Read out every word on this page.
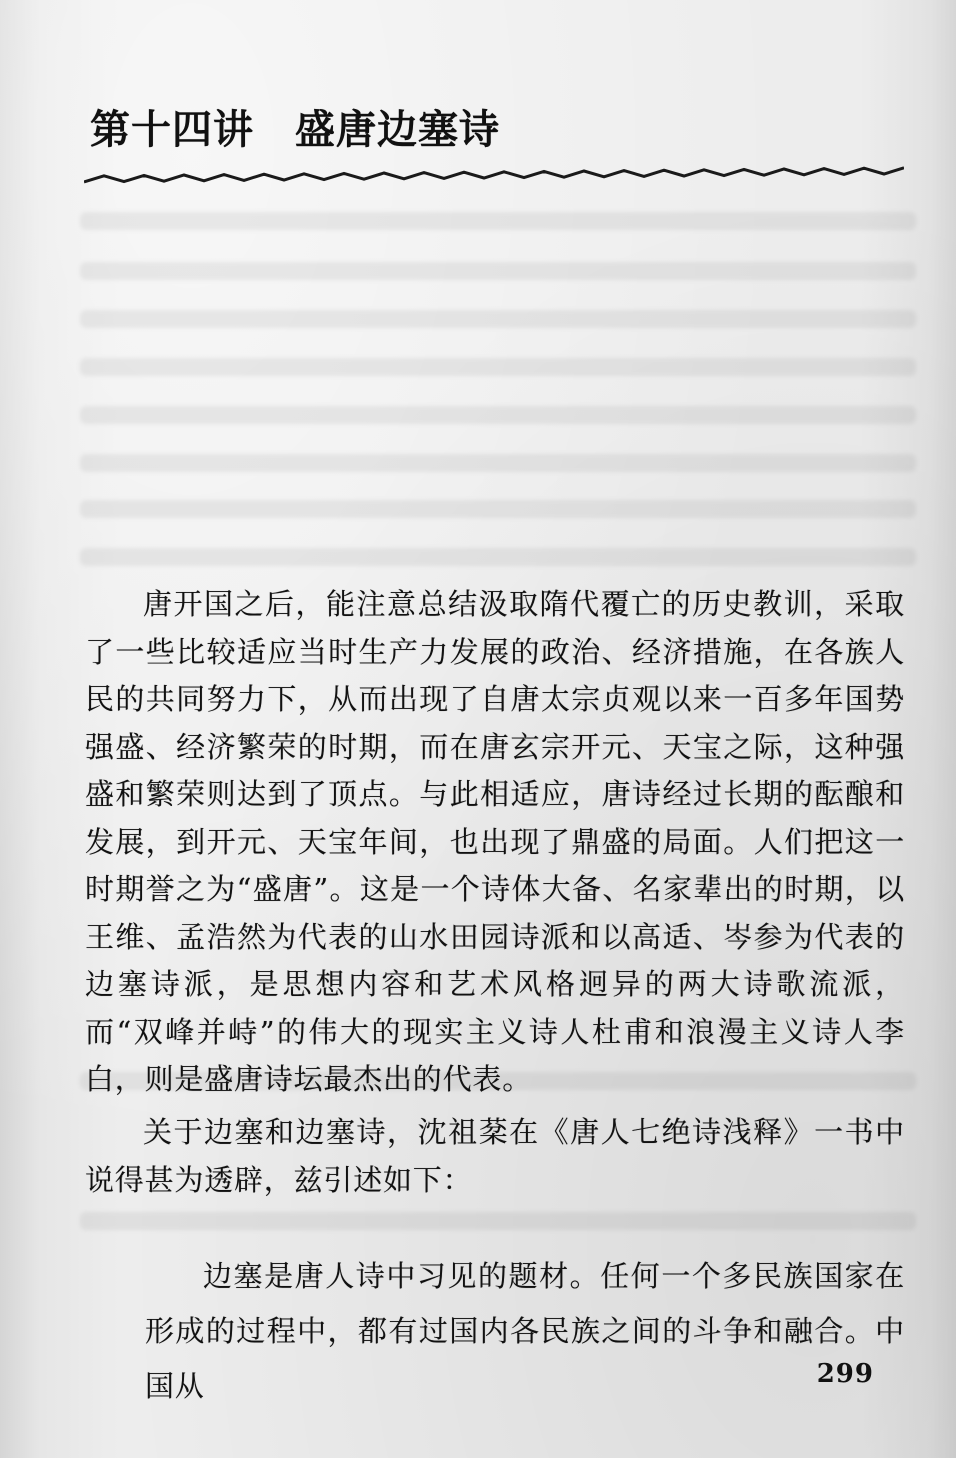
第十四讲　盛唐边塞诗

唐开国之后，能注意总结汲取隋代覆亡的历史教训，采取了一些比较适应当时生产力发展的政治、经济措施，在各族人民的共同努力下，从而出现了自唐太宗贞观以来一百多年国势强盛、经济繁荣的时期，而在唐玄宗开元、天宝之际，这种强盛和繁荣则达到了顶点。与此相适应，唐诗经过长期的酝酿和发展，到开元、天宝年间，也出现了鼎盛的局面。人们把这一时期誉之为“盛唐”。这是一个诗体大备、名家辈出的时期，以王维、孟浩然为代表的山水田园诗派和以高适、岑参为代表的边塞诗派，是思想内容和艺术风格迥异的两大诗歌流派，而“双峰并峙”的伟大的现实主义诗人杜甫和浪漫主义诗人李白，则是盛唐诗坛最杰出的代表。

关于边塞和边塞诗，沈祖棻在《唐人七绝诗浅释》一书中说得甚为透辟，兹引述如下：

边塞是唐人诗中习见的题材。任何一个多民族国家在形成的过程中，都有过国内各民族之间的斗争和融合。中国从	299
